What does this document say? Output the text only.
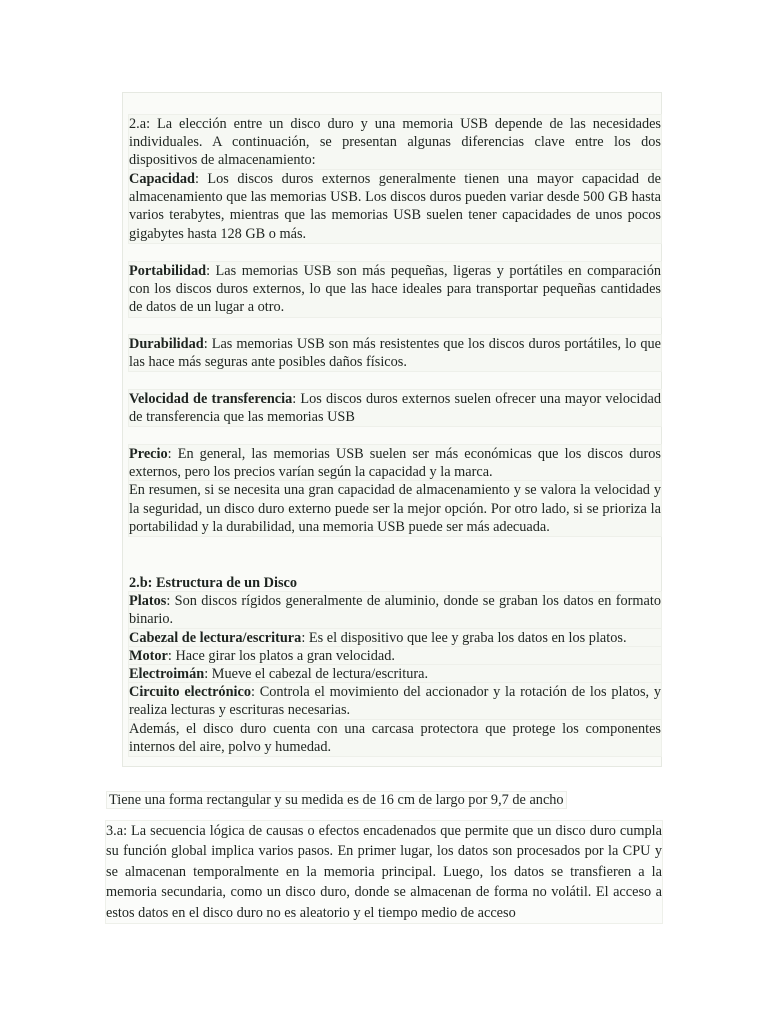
2.a: La elección entre un disco duro y una memoria USB depende de las necesidades individuales. A continuación, se presentan algunas diferencias clave entre los dos dispositivos de almacenamiento:

Capacidad: Los discos duros externos generalmente tienen una mayor capacidad de almacenamiento que las memorias USB. Los discos duros pueden variar desde 500 GB hasta varios terabytes, mientras que las memorias USB suelen tener capacidades de unos pocos gigabytes hasta 128 GB o más.

Portabilidad: Las memorias USB son más pequeñas, ligeras y portátiles en comparación con los discos duros externos, lo que las hace ideales para transportar pequeñas cantidades de datos de un lugar a otro.

Durabilidad: Las memorias USB son más resistentes que los discos duros portátiles, lo que las hace más seguras ante posibles daños físicos.

Velocidad de transferencia: Los discos duros externos suelen ofrecer una mayor velocidad de transferencia que las memorias USB

Precio: En general, las memorias USB suelen ser más económicas que los discos duros externos, pero los precios varían según la capacidad y la marca.

En resumen, si se necesita una gran capacidad de almacenamiento y se valora la velocidad y la seguridad, un disco duro externo puede ser la mejor opción. Por otro lado, si se prioriza la portabilidad y la durabilidad, una memoria USB puede ser más adecuada.

2.b: Estructura de un Disco

Platos: Son discos rígidos generalmente de aluminio, donde se graban los datos en formato binario.

Cabezal de lectura/escritura: Es el dispositivo que lee y graba los datos en los platos.

Motor: Hace girar los platos a gran velocidad.

Electroimán: Mueve el cabezal de lectura/escritura.

Circuito electrónico: Controla el movimiento del accionador y la rotación de los platos, y realiza lecturas y escrituras necesarias.

Además, el disco duro cuenta con una carcasa protectora que protege los componentes internos del aire, polvo y humedad.

Tiene una forma rectangular y su medida es de 16 cm de largo por 9,7 de ancho

3.a: La secuencia lógica de causas o efectos encadenados que permite que un disco duro cumpla su función global implica varios pasos. En primer lugar, los datos son procesados por la CPU y se almacenan temporalmente en la memoria principal. Luego, los datos se transfieren a la memoria secundaria, como un disco duro, donde se almacenan de forma no volátil. El acceso a estos datos en el disco duro no es aleatorio y el tiempo medio de acceso
